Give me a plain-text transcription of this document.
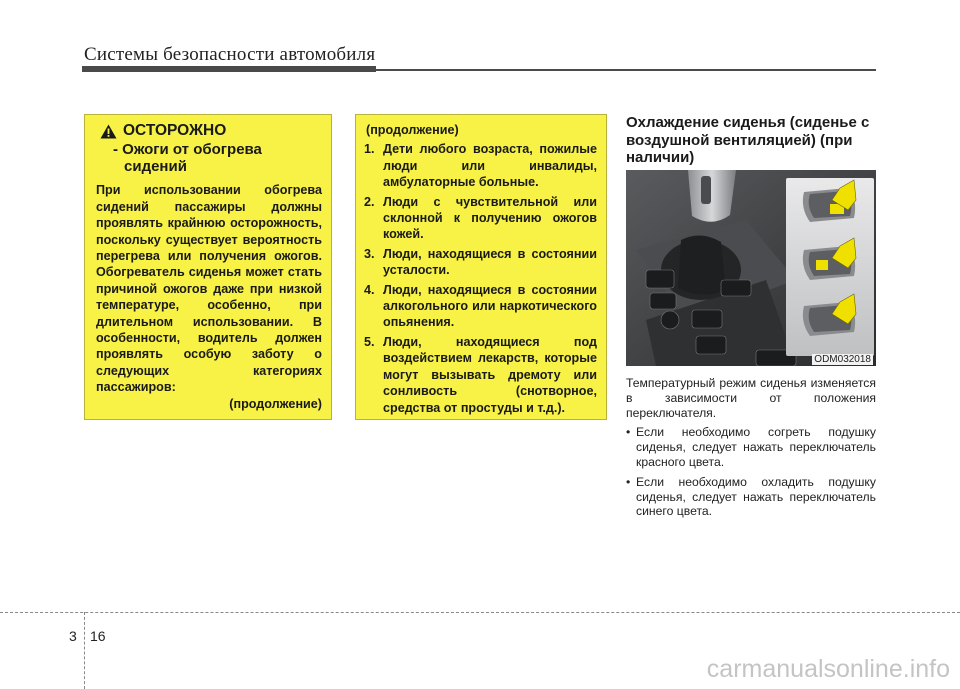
Системы безопасности автомобиля
ОСТОРОЖНО
- Ожоги от обогрева сидений
При использовании обогрева сидений пассажиры должны проявлять крайнюю осторожность, поскольку существует вероятность перегрева или получения ожогов. Обогреватель сиденья может стать причиной ожогов даже при низкой температуре, особенно, при длительном использовании. В особенности, водитель должен проявлять особую заботу о следующих категориях пассажиров:
(продолжение)
(продолжение)
1. Дети любого возраста, пожилые люди или инвалиды, амбулаторные больные.
2. Люди с чувствительной или склонной к получению ожогов кожей.
3. Люди, находящиеся в состоянии усталости.
4. Люди, находящиеся в состоянии алкогольного или наркотического опьянения.
5. Люди, находящиеся под воздействием лекарств, которые могут вызывать дремоту или сонливость (снотворное, средства от простуды и т.д.).
Охлаждение сиденья (сиденье с воздушной вентиляцией) (при наличии)
ODM032018

Температурный режим сиденья изменяется в зависимости от положения переключателя.

• Если необходимо согреть подушку сиденья, следует нажать переключатель красного цвета.
• Если необходимо охладить подушку сиденья, следует нажать переключатель синего цвета.
3 16
carmanualsonline.info
